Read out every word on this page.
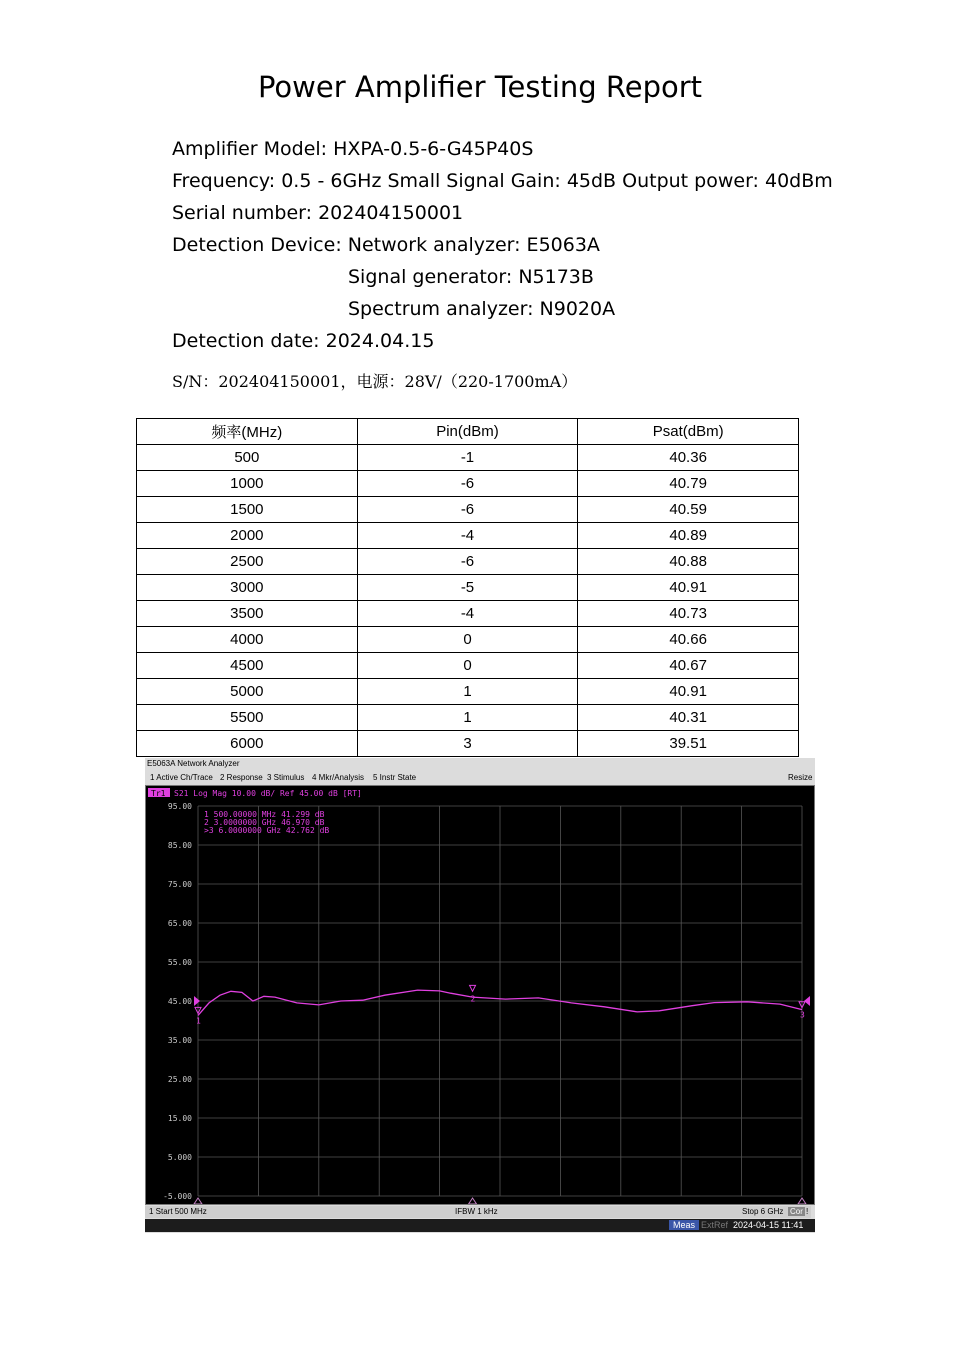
Power Amplifier Testing Report
Amplifier Model: HXPA-0.5-6-G45P40S
Frequency: 0.5 - 6GHz Small Signal Gain: 45dB Output power: 40dBm
Serial number: 202404150001
Detection Device: Network analyzer: E5063A
Signal generator: N5173B
Spectrum analyzer: N9020A
Detection date: 2024.04.15
S/N：202404150001，电源：28V/（220-1700mA）
频率(MHz)	Pin(dBm)	Psat(dBm)
500	-1	40.36
1000	-6	40.79
1500	-6	40.59
2000	-4	40.89
2500	-6	40.88
3000	-5	40.91
3500	-4	40.73
4000	0	40.66
4500	0	40.67
5000	1	40.91
5500	1	40.31
6000	3	39.51
E5063A Network Analyzer
1 Active Ch/Trace 2 Response 3 Stimulus 4 Mkr/Analysis 5 Instr State	Resize
95.00
85.00
75.00
65.00
55.00
45.00
35.00
25.00
15.00
5.000
-5.000
Tr1 S21 Log Mag 10.00 dB/ Ref 45.00 dB [RT]
1 500.00000 MHz 41.299 dB
2 3.0000000 GHz 46.970 dB
>3 6.0000000 GHz 42.762 dB
1
2
3
1 Start 500 MHz	IFBW 1 kHz	Stop 6 GHz Cor !
Meas ExtRef 2024-04-15 11:41
